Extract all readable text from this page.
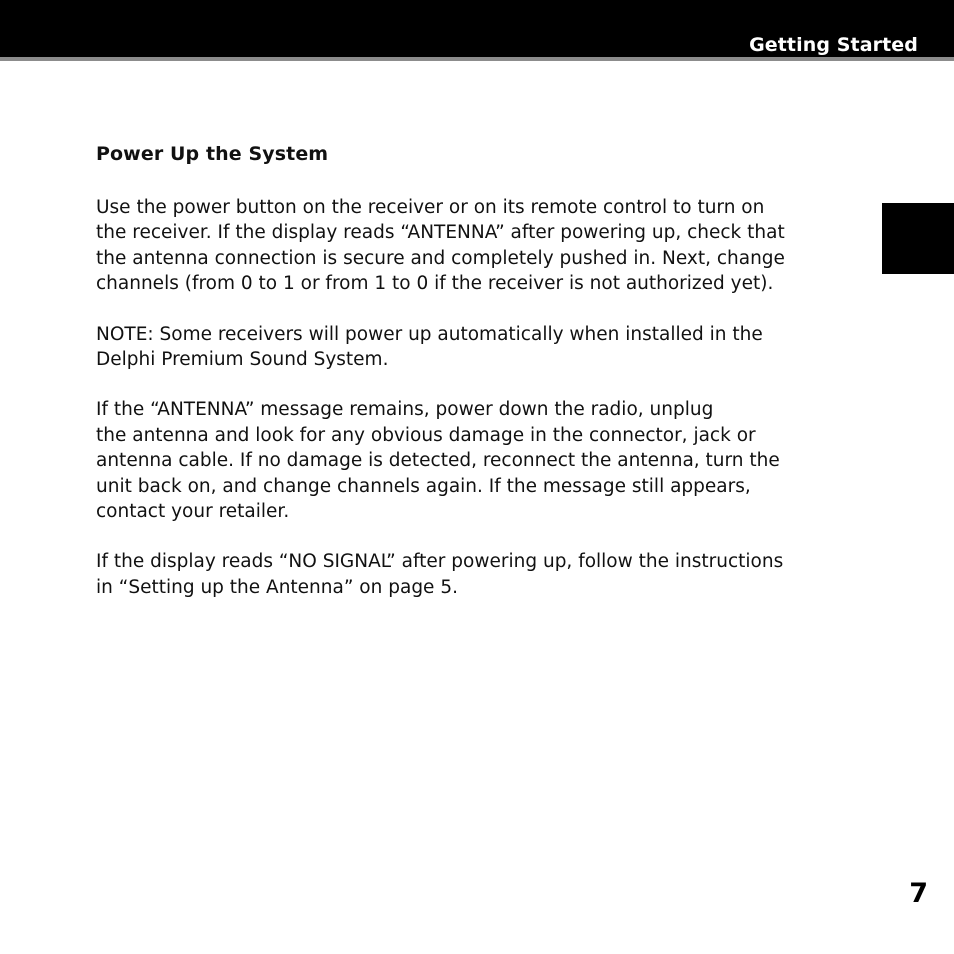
Getting Started
Power Up the System

Use the power button on the receiver or on its remote control to turn on
the receiver. If the display reads “ANTENNA” after powering up, check that
the antenna connection is secure and completely pushed in. Next, change
channels (from 0 to 1 or from 1 to 0 if the receiver is not authorized yet).

NOTE: Some receivers will power up automatically when installed in the
Delphi Premium Sound System.

If the “ANTENNA” message remains, power down the radio, unplug
the antenna and look for any obvious damage in the connector, jack or
antenna cable. If no damage is detected, reconnect the antenna, turn the
unit back on, and change channels again. If the message still appears,
contact your retailer.

If the display reads “NO SIGNAL” after powering up, follow the instructions
in “Setting up the Antenna” on page 5.

7
